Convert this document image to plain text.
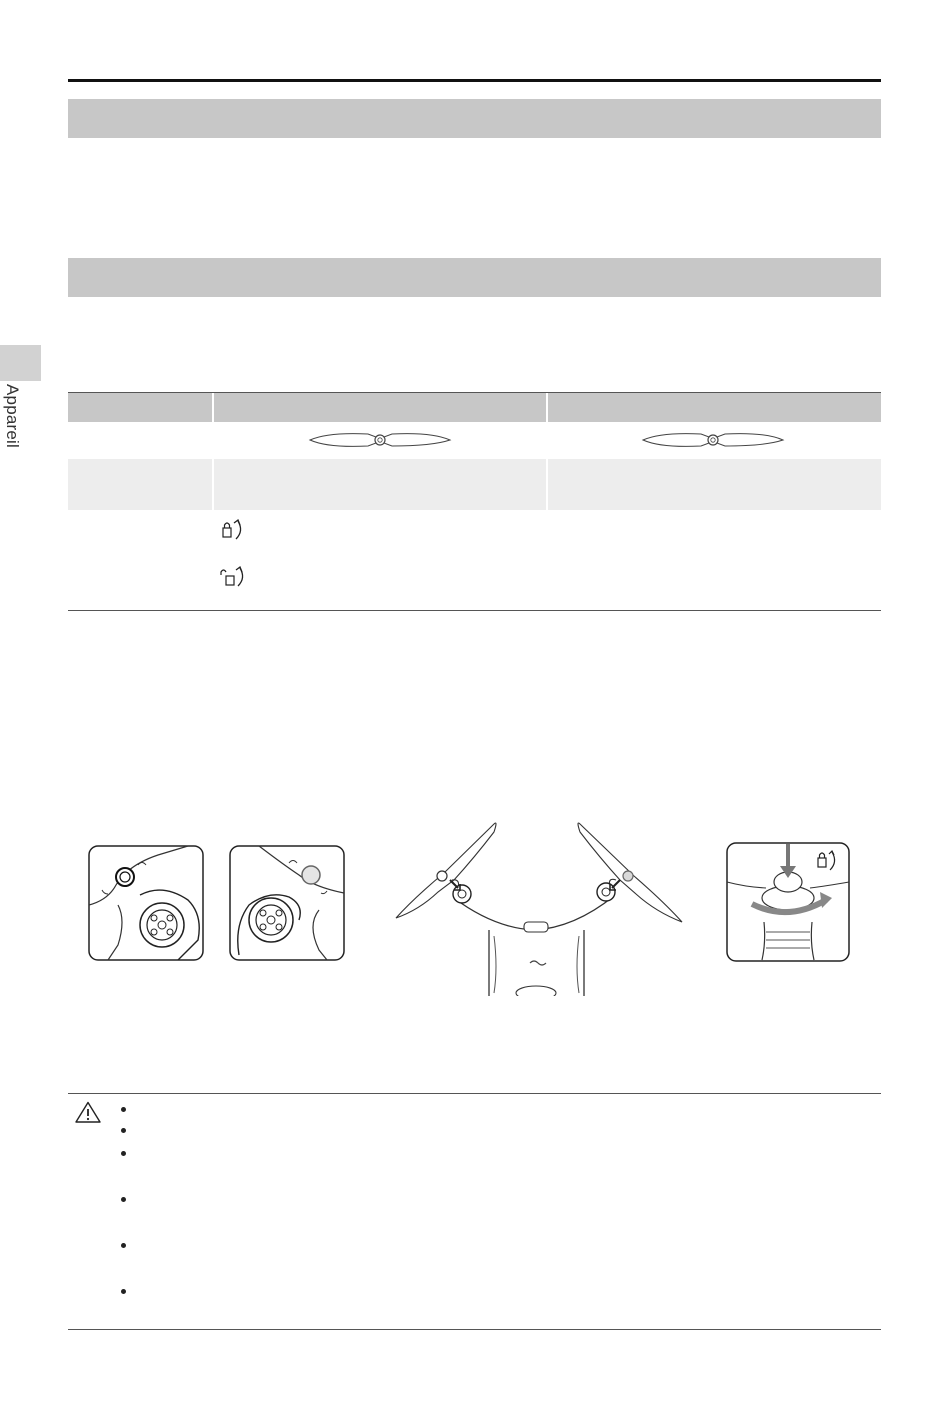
Appareil
